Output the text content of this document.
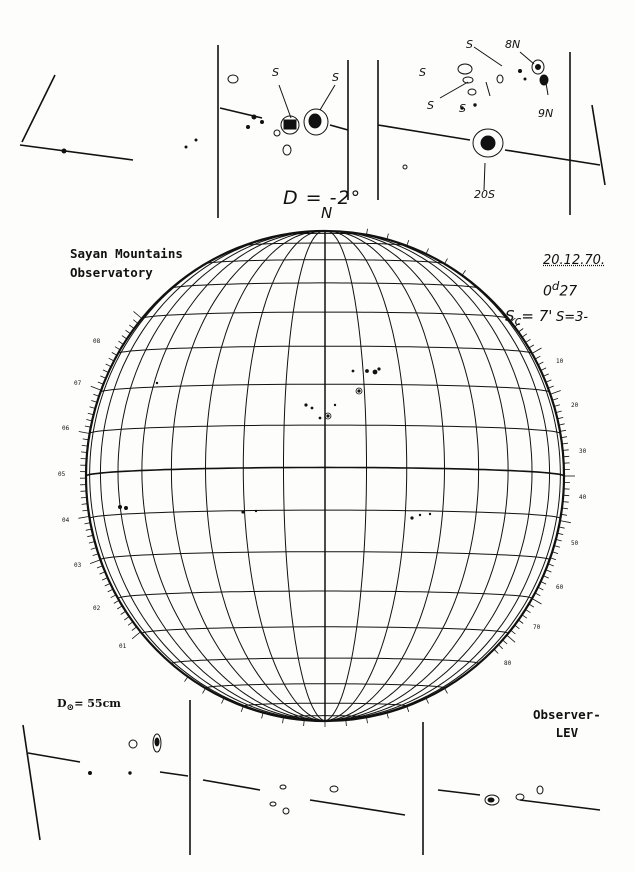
Sayan Mountains
Observatory
D = -2°
N
20.12.70.
0$^d$27
$S_c= 7'$ S=3-
$D_⊙= 55cm$
Observer-
LEV
S	S
S
S
S S
8N
9N
20S
08
07
06
05
04
03
02
01
10
20
30
40
50
60
70
80
